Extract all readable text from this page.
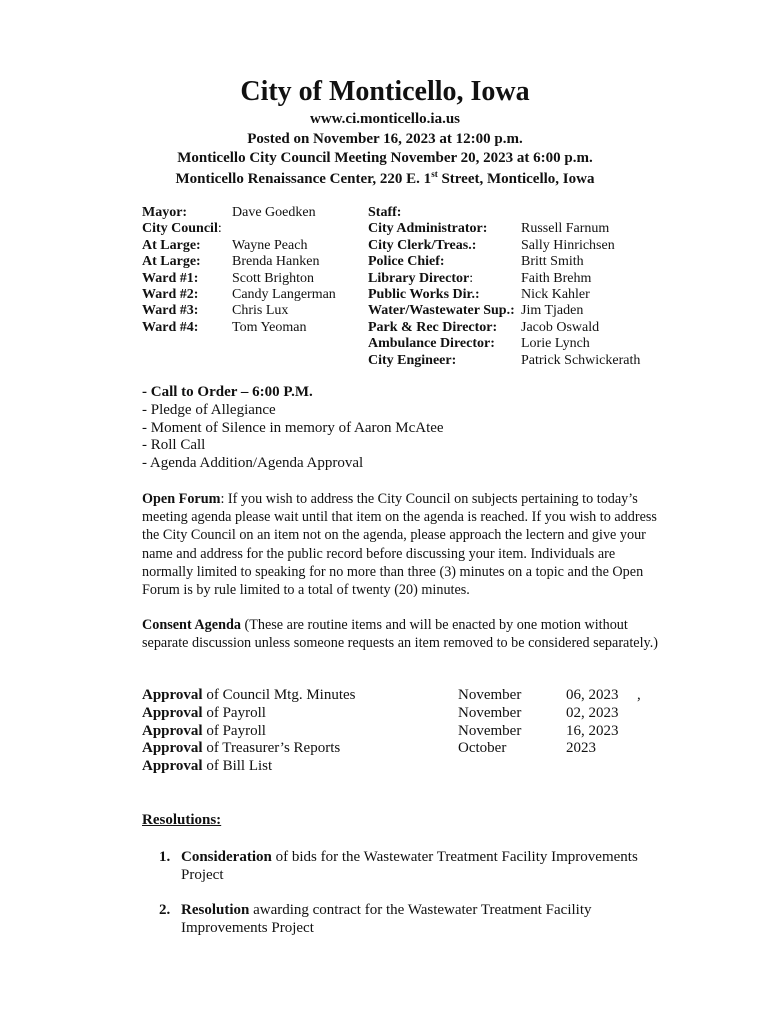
City of Monticello, Iowa
www.ci.monticello.ia.us
Posted on November 16, 2023 at 12:00 p.m.
Monticello City Council Meeting November 20, 2023 at 6:00 p.m.
Monticello Renaissance Center, 220 E. 1st Street, Monticello, Iowa
Mayor:	Dave Goedken
City Council:
At Large: Wayne Peach
At Large: Brenda Hanken
Ward #1: Scott Brighton
Ward #2: Candy Langerman
Ward #3: Chris Lux
Ward #4: Tom Yeoman
Staff:
City Administrator: Russell Farnum
City Clerk/Treas.:	Sally Hinrichsen
Police Chief:	Britt Smith
Library Director:	Faith Brehm
Public Works Dir.:	Nick Kahler
Water/Wastewater Sup.: Jim Tjaden
Park & Rec Director: Jacob Oswald
Ambulance Director: Lorie Lynch
City Engineer:	Patrick Schwickerath
- Call to Order – 6:00 P.M.
- Pledge of Allegiance
- Moment of Silence in memory of Aaron McAtee
- Roll Call
- Agenda Addition/Agenda Approval

Open Forum: If you wish to address the City Council on subjects pertaining to today’s meeting agenda please wait until that item on the agenda is reached. If you wish to address the City Council on an item not on the agenda, please approach the lectern and give your name and address for the public record before discussing your item. Individuals are normally limited to speaking for no more than three (3) minutes on a topic and the Open Forum is by rule limited to a total of twenty (20) minutes.

Consent Agenda (These are routine items and will be enacted by one motion without separate discussion unless someone requests an item removed to be considered separately.)

Approval of Council Mtg. Minutes	November	06, 2023 ,
Approval of Payroll	November	02, 2023
Approval of Payroll	November	16, 2023
Approval of Treasurer’s Reports	October	2023
Approval of Bill List
Resolutions:
1. Consideration of bids for the Wastewater Treatment Facility Improvements
Project
2. Resolution awarding contract for the Wastewater Treatment Facility
Improvements Project
